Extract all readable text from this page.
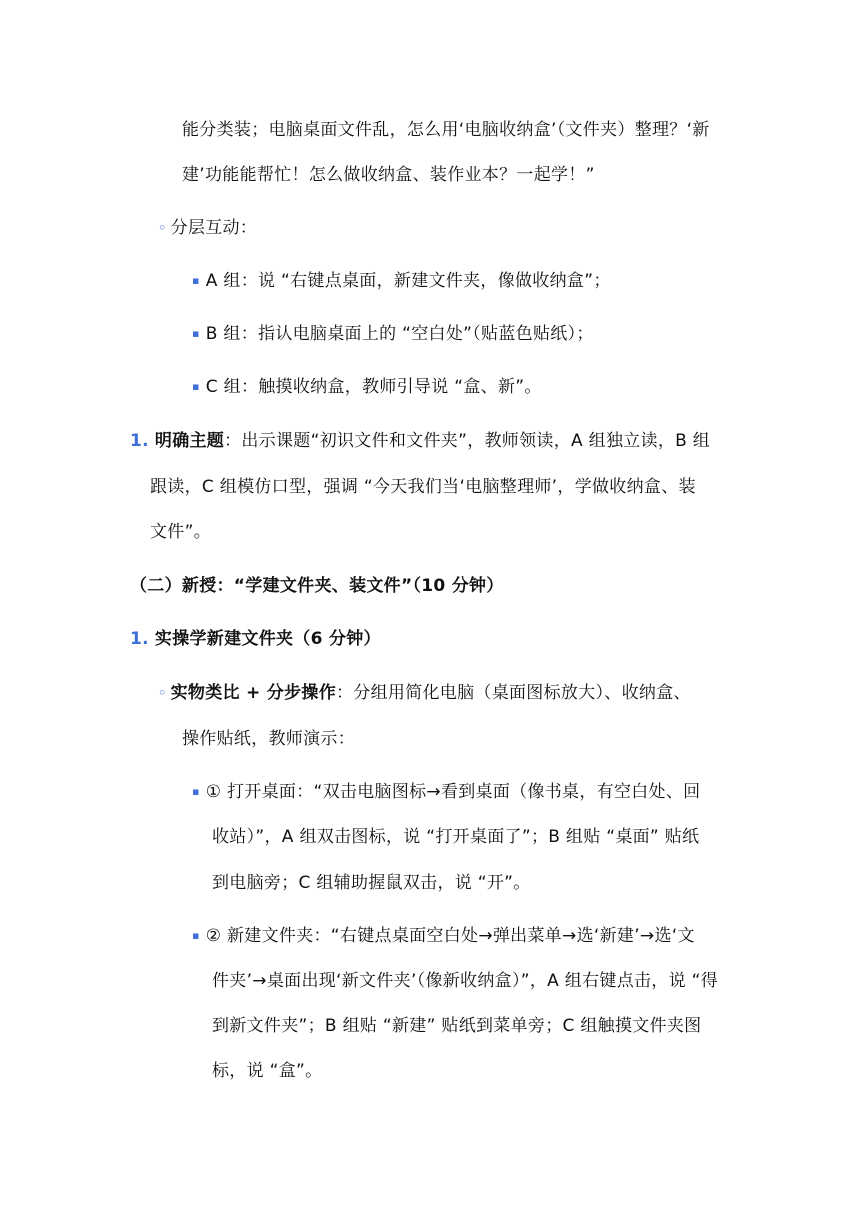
能分类装；电脑桌面文件乱，怎么用‘电脑收纳盒’（文件夹）整理？‘新
建’功能能帮忙！怎么做收纳盒、装作业本？一起学！”
◦ 分层互动：
▪ A 组：说 “右键点桌面，新建文件夹，像做收纳盒”；
▪ B 组：指认电脑桌面上的 “空白处”（贴蓝色贴纸）；
▪ C 组：触摸收纳盒，教师引导说 “盒、新”。
1. 明确主题：出示课题“初识文件和文件夹”，教师领读，A 组独立读，B 组
跟读，C 组模仿口型，强调 “今天我们当‘电脑整理师’，学做收纳盒、装
文件”。
（二）新授：“学建文件夹、装文件”（10 分钟）
1. 实操学新建文件夹（6 分钟）
◦ 实物类比 + 分步操作：分组用简化电脑（桌面图标放大）、收纳盒、
操作贴纸，教师演示：
▪ ① 打开桌面：“双击电脑图标→看到桌面（像书桌，有空白处、回
收站）”，A 组双击图标，说 “打开桌面了”；B 组贴 “桌面” 贴纸
到电脑旁；C 组辅助握鼠双击，说 “开”。
▪ ② 新建文件夹：“右键点桌面空白处→弹出菜单→选‘新建’→选‘文
件夹’→桌面出现‘新文件夹’（像新收纳盒）”，A 组右键点击，说 “得
到新文件夹”；B 组贴 “新建” 贴纸到菜单旁；C 组触摸文件夹图
标，说 “盒”。
